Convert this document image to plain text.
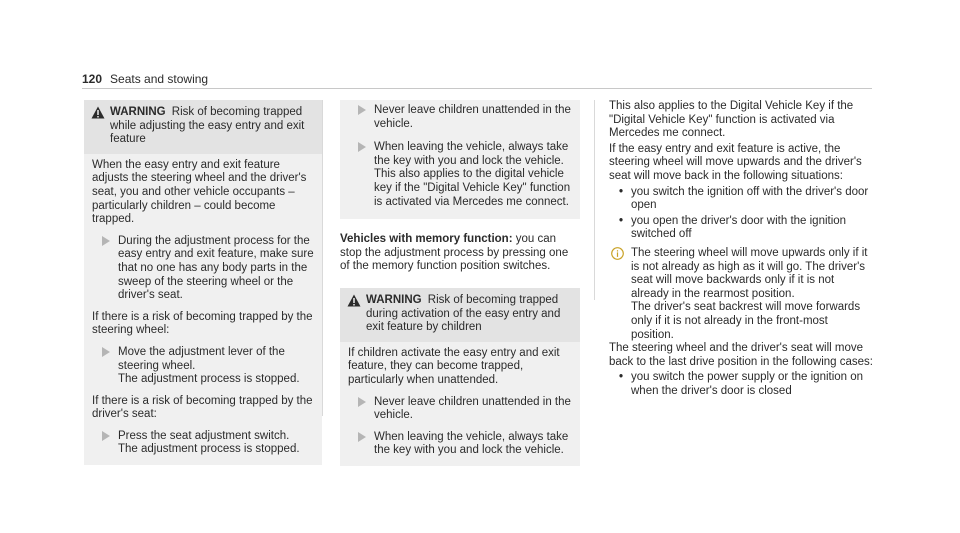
120 Seats and stowing
WARNING Risk of becoming trapped while adjusting the easy entry and exit feature
When the easy entry and exit feature adjusts the steering wheel and the driver's seat, you and other vehicle occupants – particularly children – could become trapped.
During the adjustment process for the easy entry and exit feature, make sure that no one has any body parts in the sweep of the steering wheel or the driver's seat.
If there is a risk of becoming trapped by the steering wheel:
Move the adjustment lever of the steering wheel.
The adjustment process is stopped.
If there is a risk of becoming trapped by the driver's seat:
Press the seat adjustment switch.
The adjustment process is stopped.
Never leave children unattended in the vehicle.
When leaving the vehicle, always take the key with you and lock the vehicle.
This also applies to the digital vehicle key if the "Digital Vehicle Key" function is activated via Mercedes me connect.
Vehicles with memory function: you can stop the adjustment process by pressing one of the memory function position switches.
WARNING Risk of becoming trapped during activation of the easy entry and exit feature by children
If children activate the easy entry and exit feature, they can become trapped, particularly when unattended.
Never leave children unattended in the vehicle.
When leaving the vehicle, always take the key with you and lock the vehicle.
This also applies to the Digital Vehicle Key if the "Digital Vehicle Key" function is activated via Mercedes me connect.
If the easy entry and exit feature is active, the steering wheel will move upwards and the driver's seat will move back in the following situations:
• you switch the ignition off with the driver's door open
• you open the driver's door with the ignition switched off
The steering wheel will move upwards only if it is not already as high as it will go. The driver's seat will move backwards only if it is not already in the rearmost position.
The driver's seat backrest will move forwards only if it is not already in the front-most position.
The steering wheel and the driver's seat will move back to the last drive position in the following cases:
• you switch the power supply or the ignition on when the driver's door is closed
